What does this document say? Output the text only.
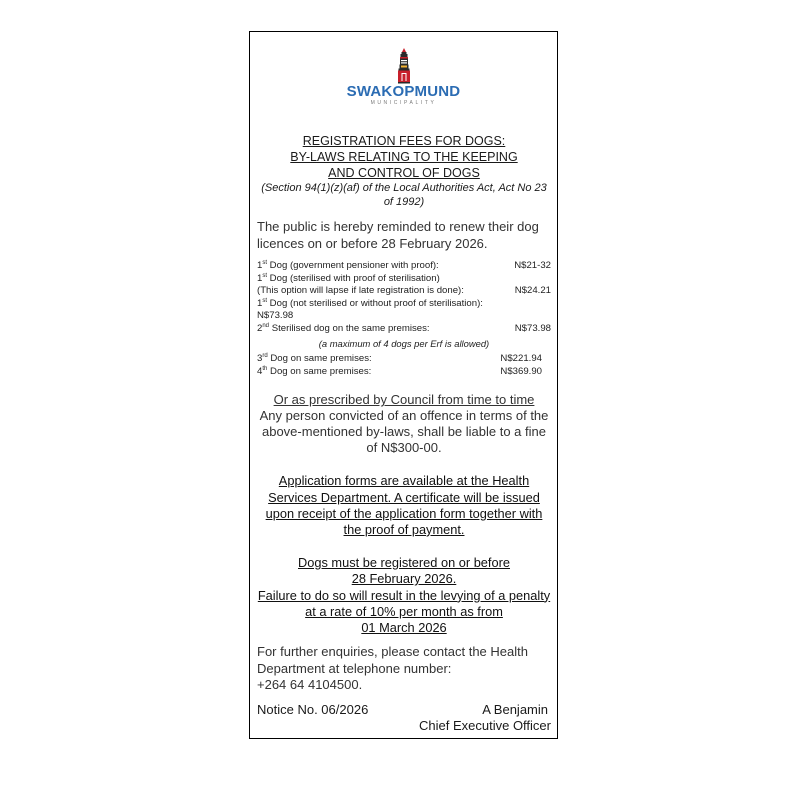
SWAKOPMUND
MUNICIPALITY
REGISTRATION FEES FOR DOGS:
BY-LAWS RELATING TO THE KEEPING
AND CONTROL OF DOGS
(Section 94(1)(z)(af) of the Local Authorities Act, Act No 23 of 1992)
The public is hereby reminded to renew their dog licences on or before 28 February 2026.
1st Dog (government pensioner with proof):	N$21-32
1st Dog (sterilised with proof of sterilisation)
(This option will lapse if late registration is done):	N$24.21
1st Dog (not sterilised or without proof of sterilisation):
N$73.98
2nd Sterilised dog on the same premises:	N$73.98
(a maximum of 4 dogs per Erf is allowed)
3rd Dog on same premises:	N$221.94
4th Dog on same premises:	N$369.90
Or as prescribed by Council from time to time
Any person convicted of an offence in terms of the above-mentioned by-laws, shall be liable to a fine of N$300-00.
Application forms are available at the Health Services Department. A certificate will be issued upon receipt of the application form together with the proof of payment.
Dogs must be registered on or before
28 February 2026.
Failure to do so will result in the levying of a penalty at a rate of 10% per month as from
01 March 2026
For further enquiries, please contact the Health Department at telephone number:
+264 64 4104500.
Notice No. 06/2026	A Benjamin
Chief Executive Officer
